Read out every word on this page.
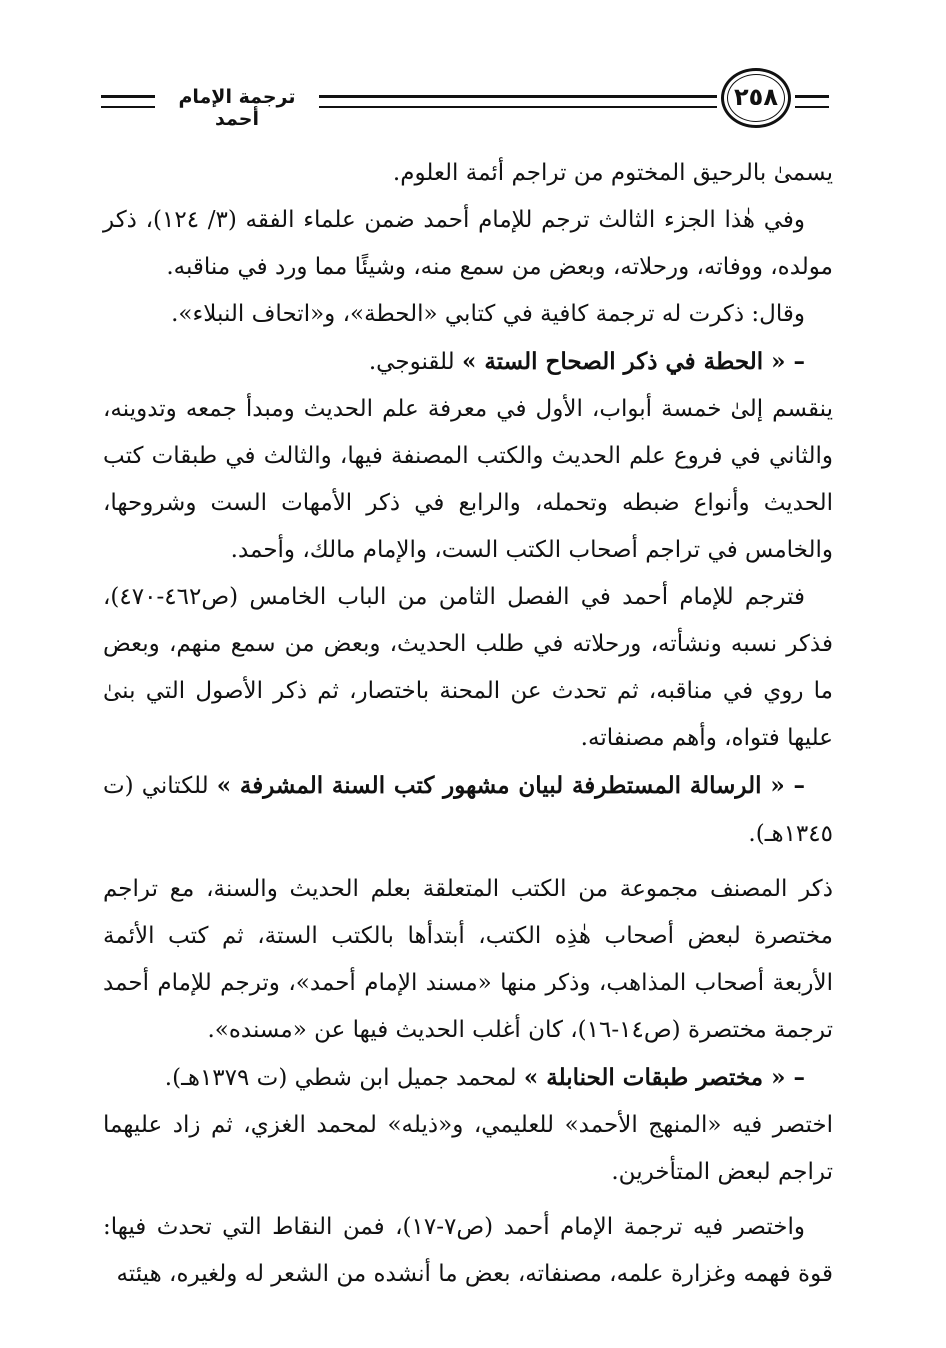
ترجمة الإمام أحمد
٢٥٨

يسمىٰ بالرحيق المختوم من تراجم أئمة العلوم.

وفي هٰذا الجزء الثالث ترجم للإمام أحمد ضمن علماء الفقه (٣/ ١٢٤)، ذكر مولده، ووفاته، ورحلاته، وبعض من سمع منه، وشيئًا مما ورد في مناقبه.

وقال: ذكرت له ترجمة كافية في كتابي «الحطة»، و«اتحاف النبلاء».

– « الحطة في ذكر الصحاح الستة » للقنوجي.

ينقسم إلىٰ خمسة أبواب، الأول في معرفة علم الحديث ومبدأ جمعه وتدوينه، والثاني في فروع علم الحديث والكتب المصنفة فيها، والثالث في طبقات كتب الحديث وأنواع ضبطه وتحمله، والرابع في ذكر الأمهات الست وشروحها، والخامس في تراجم أصحاب الكتب الست، والإمام مالك، وأحمد.

فترجم للإمام أحمد في الفصل الثامن من الباب الخامس (ص٤٦٢-٤٧٠)، فذكر نسبه ونشأته، ورحلاته في طلب الحديث، وبعض من سمع منهم، وبعض ما روي في مناقبه، ثم تحدث عن المحنة باختصار، ثم ذكر الأصول التي بنىٰ عليها فتواه، وأهم مصنفاته.

– « الرسالة المستطرفة لبيان مشهور كتب السنة المشرفة » للكتاني (ت ١٣٤٥هـ).

ذكر المصنف مجموعة من الكتب المتعلقة بعلم الحديث والسنة، مع تراجم مختصرة لبعض أصحاب هٰذِه الكتب، أبتدأها بالكتب الستة، ثم كتب الأئمة الأربعة أصحاب المذاهب، وذكر منها «مسند الإمام أحمد»، وترجم للإمام أحمد ترجمة مختصرة (ص١٤-١٦)، كان أغلب الحديث فيها عن «مسنده».

– « مختصر طبقات الحنابلة » لمحمد جميل ابن شطي (ت ١٣٧٩هـ).

اختصر فيه «المنهج الأحمد» للعليمي، و«ذيله» لمحمد الغزي، ثم زاد عليهما تراجم لبعض المتأخرين.

واختصر فيه ترجمة الإمام أحمد (ص٧-١٧)، فمن النقاط التي تحدث فيها: قوة فهمه وغزارة علمه، مصنفاته، بعض ما أنشده من الشعر له ولغيره، هيئته
